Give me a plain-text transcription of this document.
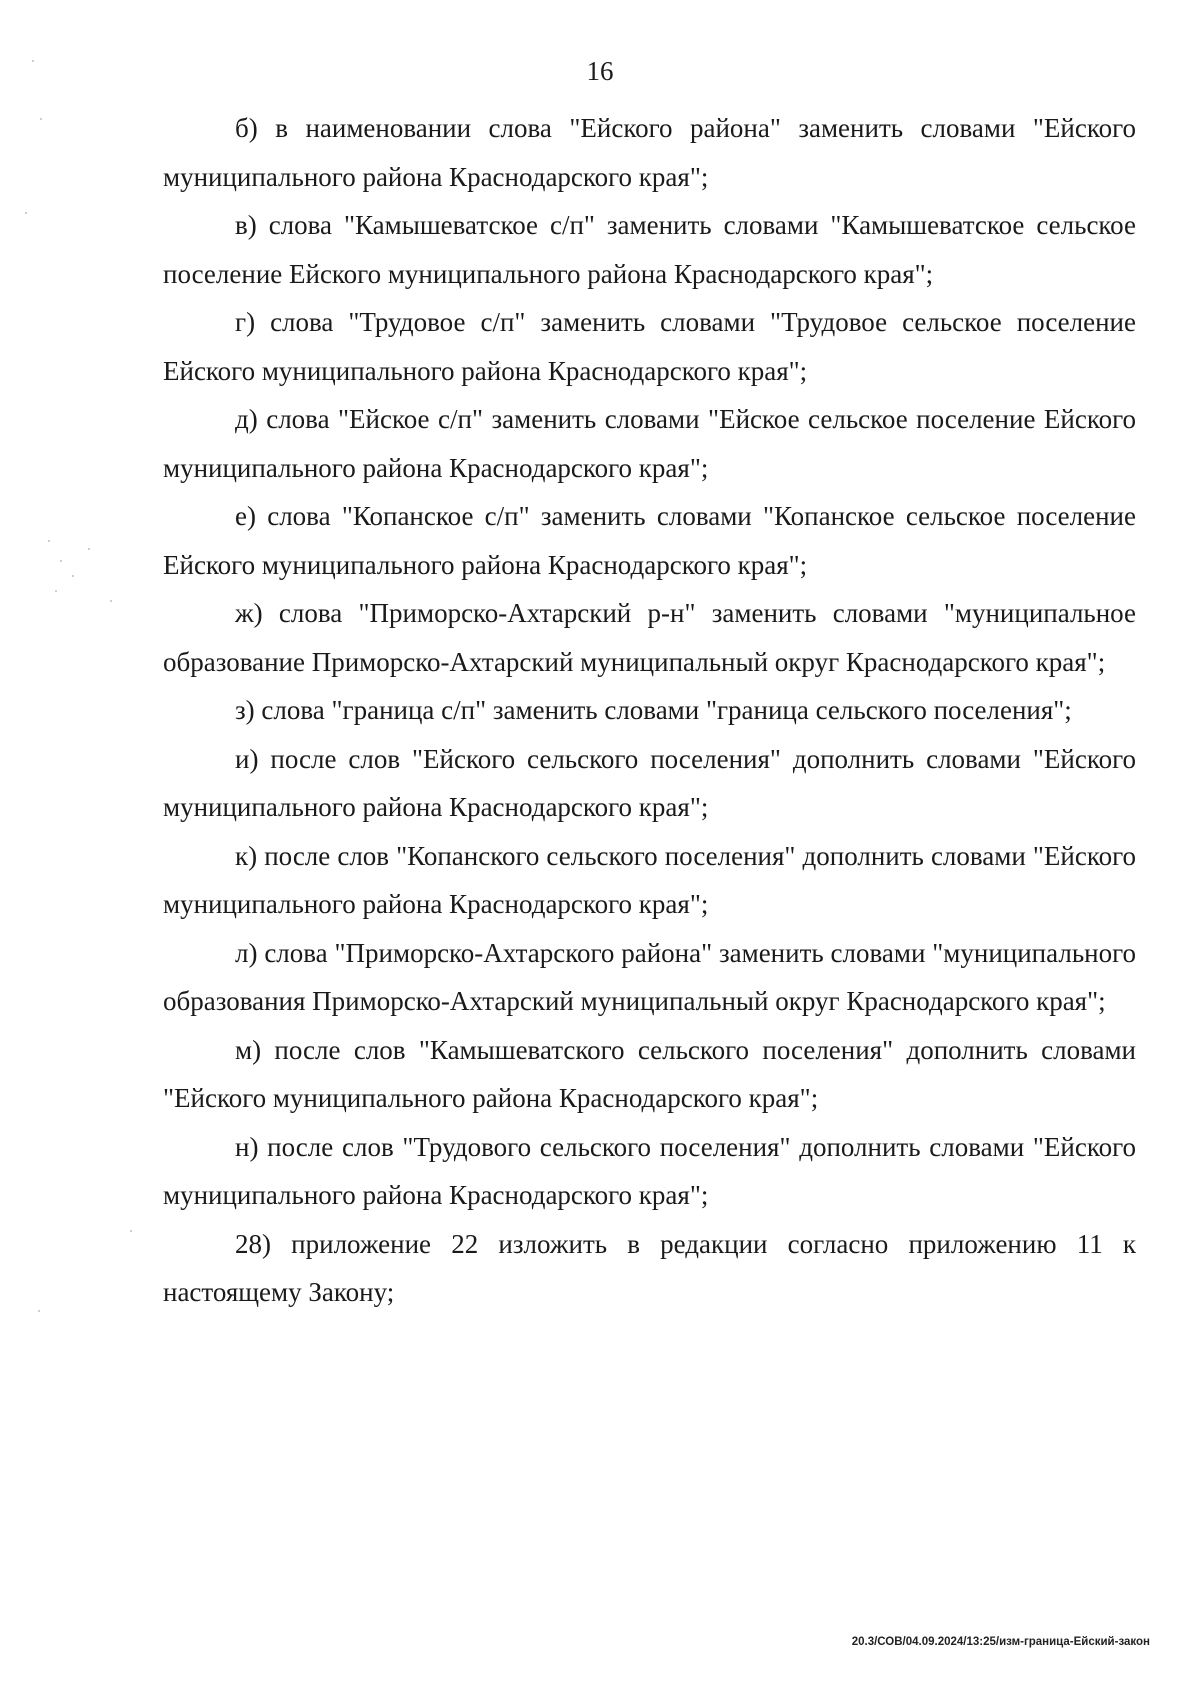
16

б) в наименовании слова "Ейского района" заменить словами "Ейского муниципального района Краснодарского края";

в) слова "Камышеватское с/п" заменить словами "Камышеватское сельское поселение Ейского муниципального района Краснодарского края";

г) слова "Трудовое с/п" заменить словами "Трудовое сельское поселение Ейского муниципального района Краснодарского края";

д) слова "Ейское с/п" заменить словами "Ейское сельское поселение Ейского муниципального района Краснодарского края";

е) слова "Копанское с/п" заменить словами "Копанское сельское поселение Ейского муниципального района Краснодарского края";

ж) слова "Приморско-Ахтарский р-н" заменить словами "муниципальное образование Приморско-Ахтарский муниципальный округ Краснодарского края";

з) слова "граница с/п" заменить словами "граница сельского поселения";

и) после слов "Ейского сельского поселения" дополнить словами "Ейского муниципального района Краснодарского края";

к) после слов "Копанского сельского поселения" дополнить словами "Ейского муниципального района Краснодарского края";

л) слова "Приморско-Ахтарского района" заменить словами "муниципального образования Приморско-Ахтарский муниципальный округ Краснодарского края";

м) после слов "Камышеватского сельского поселения" дополнить словами "Ейского муниципального района Краснодарского края";

н) после слов "Трудового сельского поселения" дополнить словами "Ейского муниципального района Краснодарского края";

28) приложение 22 изложить в редакции согласно приложению 11 к настоящему Закону;

20.3/СОВ/04.09.2024/13:25/изм-граница-Ейский-закон
